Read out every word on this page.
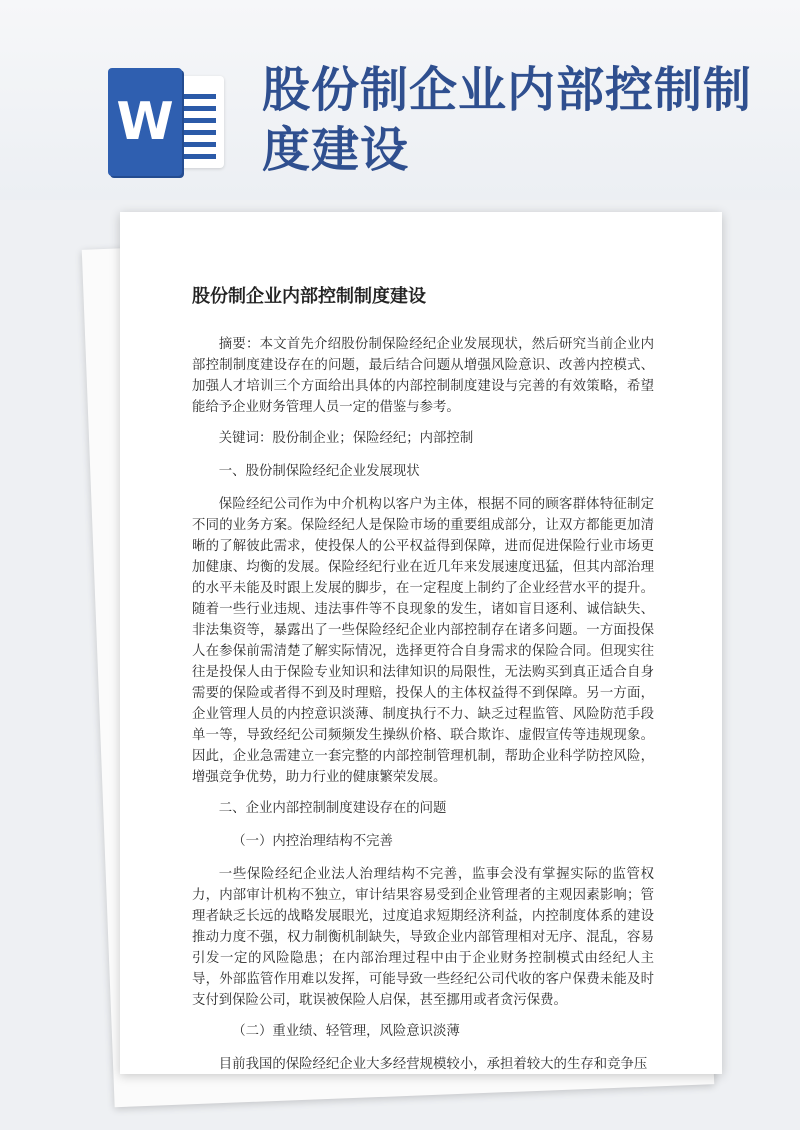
W
股份制企业内部控制制度建设
股份制企业内部控制制度建设

摘要：本文首先介绍股份制保险经纪企业发展现状，然后研究当前企业内部控制制度建设存在的问题，最后结合问题从增强风险意识、改善内控模式、加强人才培训三个方面给出具体的内部控制制度建设与完善的有效策略，希望能给予企业财务管理人员一定的借鉴与参考。

关键词：股份制企业；保险经纪；内部控制

一、股份制保险经纪企业发展现状

保险经纪公司作为中介机构以客户为主体，根据不同的顾客群体特征制定不同的业务方案。保险经纪人是保险市场的重要组成部分，让双方都能更加清晰的了解彼此需求，使投保人的公平权益得到保障，进而促进保险行业市场更加健康、均衡的发展。保险经纪行业在近几年来发展速度迅猛，但其内部治理的水平未能及时跟上发展的脚步，在一定程度上制约了企业经营水平的提升。随着一些行业违规、违法事件等不良现象的发生，诸如盲目逐利、诚信缺失、非法集资等，暴露出了一些保险经纪企业内部控制存在诸多问题。一方面投保人在参保前需清楚了解实际情况，选择更符合自身需求的保险合同。但现实往往是投保人由于保险专业知识和法律知识的局限性，无法购买到真正适合自身需要的保险或者得不到及时理赔，投保人的主体权益得不到保障。另一方面，企业管理人员的内控意识淡薄、制度执行不力、缺乏过程监管、风险防范手段单一等，导致经纪公司频频发生操纵价格、联合欺诈、虚假宣传等违规现象。因此，企业急需建立一套完整的内部控制管理机制，帮助企业科学防控风险，增强竞争优势，助力行业的健康繁荣发展。

二、企业内部控制制度建设存在的问题

（一）内控治理结构不完善

一些保险经纪企业法人治理结构不完善，监事会没有掌握实际的监管权力，内部审计机构不独立，审计结果容易受到企业管理者的主观因素影响；管理者缺乏长远的战略发展眼光，过度追求短期经济利益，内控制度体系的建设推动力度不强，权力制衡机制缺失，导致企业内部管理相对无序、混乱，容易引发一定的风险隐患；在内部治理过程中由于企业财务控制模式由经纪人主导，外部监管作用难以发挥，可能导致一些经纪公司代收的客户保费未能及时支付到保险公司，耽误被保险人启保，甚至挪用或者贪污保费。

（二）重业绩、轻管理，风险意识淡薄

目前我国的保险经纪企业大多经营规模较小，承担着较大的生存和竞争压
